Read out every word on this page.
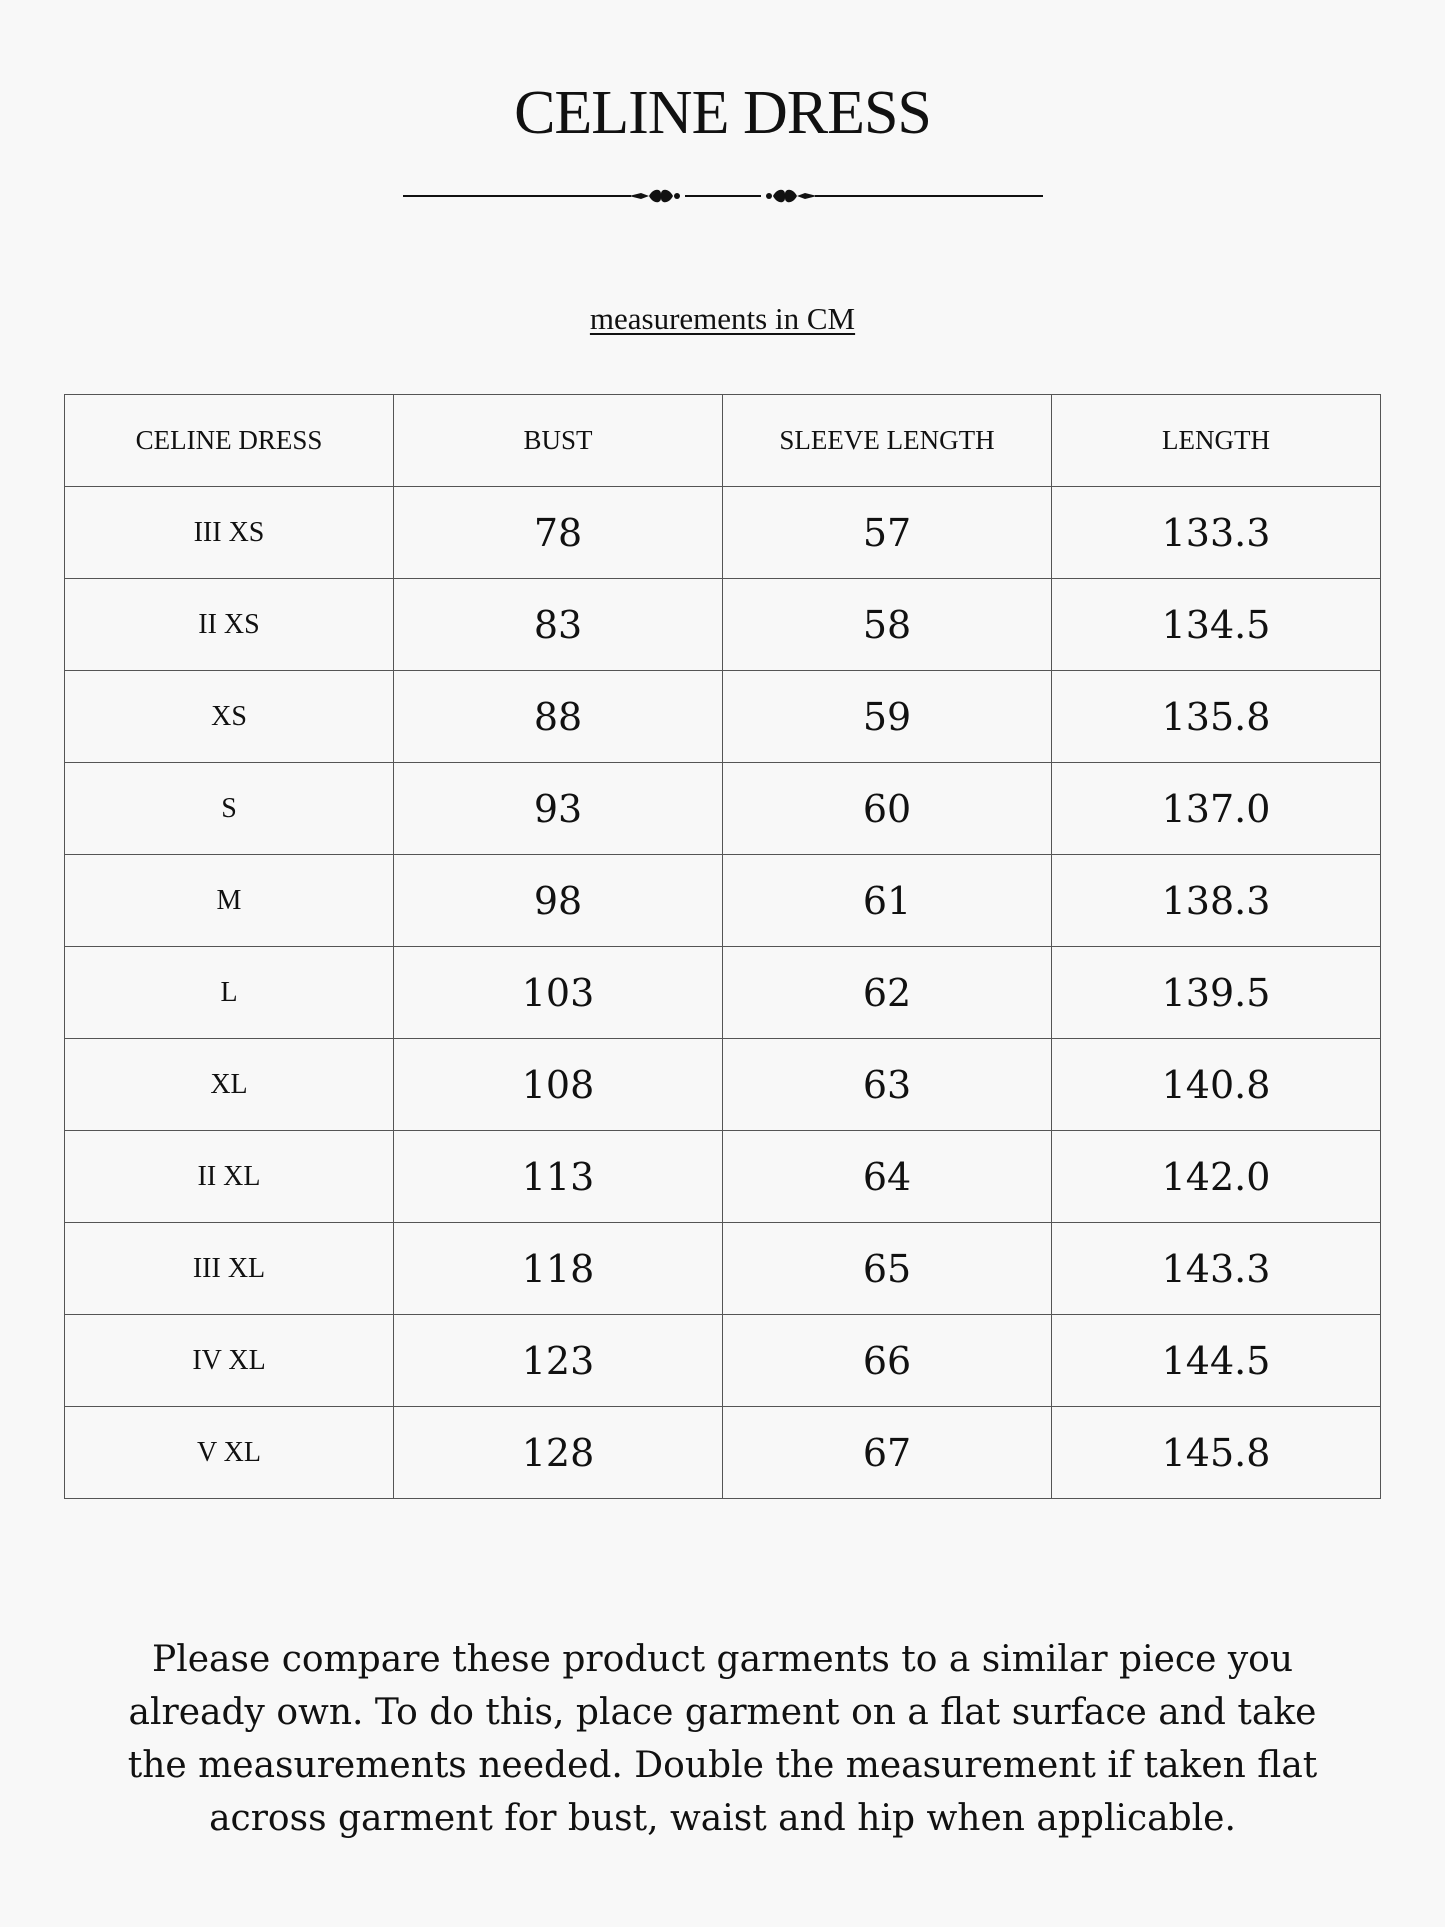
CELINE DRESS
measurements in CM
CELINE DRESS	BUST	SLEEVE LENGTH	LENGTH
III XS	78	57	133.3
II XS	83	58	134.5
XS	88	59	135.8
S	93	60	137.0
M	98	61	138.3
L	103	62	139.5
XL	108	63	140.8
II XL	113	64	142.0
III XL	118	65	143.3
IV XL	123	66	144.5
V XL	128	67	145.8

Please compare these product garments to a similar piece you already own. To do this, place garment on a flat surface and take the measurements needed. Double the measurement if taken flat across garment for bust, waist and hip when applicable.
